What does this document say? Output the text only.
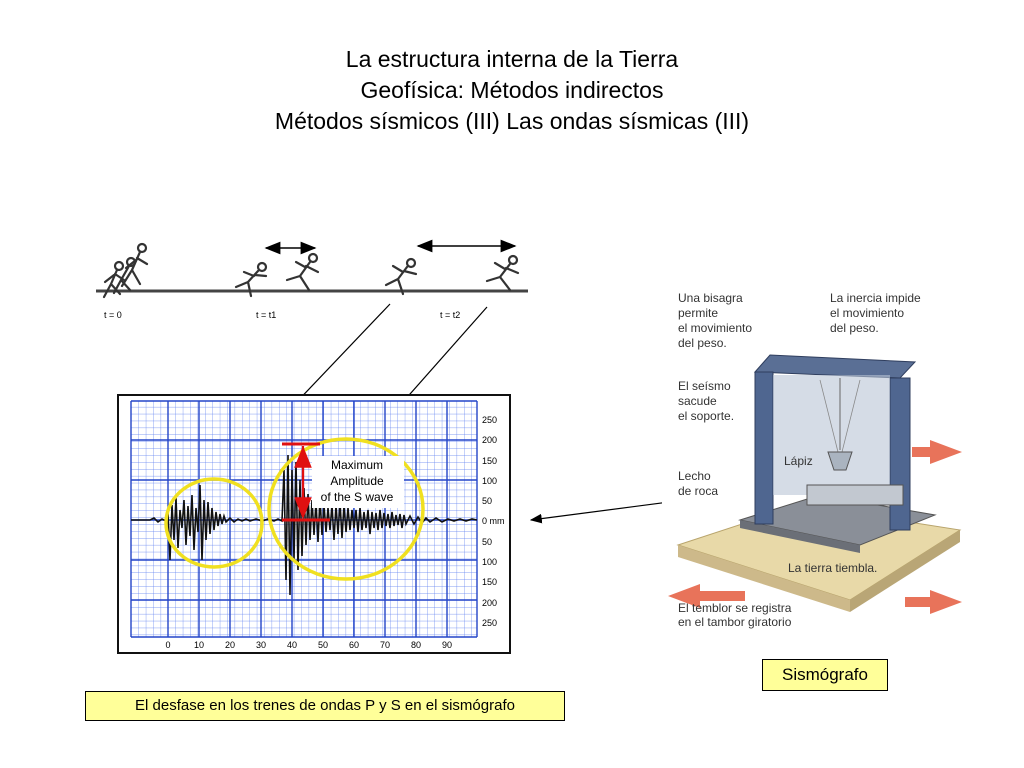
La estructura interna de la Tierra
Geofísica: Métodos indirectos
Métodos sísmicos (III) Las ondas sísmicas (III)
t = 0	t = t1	t = t2
Maximum
Amplitude
of the S wave
0	10 20 30 40 50 60 70 80 90
250
200
150
100
50
0 mm
50
100
150
200
250
Una bisagra
permite
el movimiento
del peso.
La inercia impide
el movimiento
del peso.
El seísmo
sacude
el soporte.
Lápiz
Lecho
de roca
La tierra tiembla.
El temblor se registra
en el tambor giratorio
El desfase en los trenes de ondas P y S en el sismógrafo
Sismógrafo
